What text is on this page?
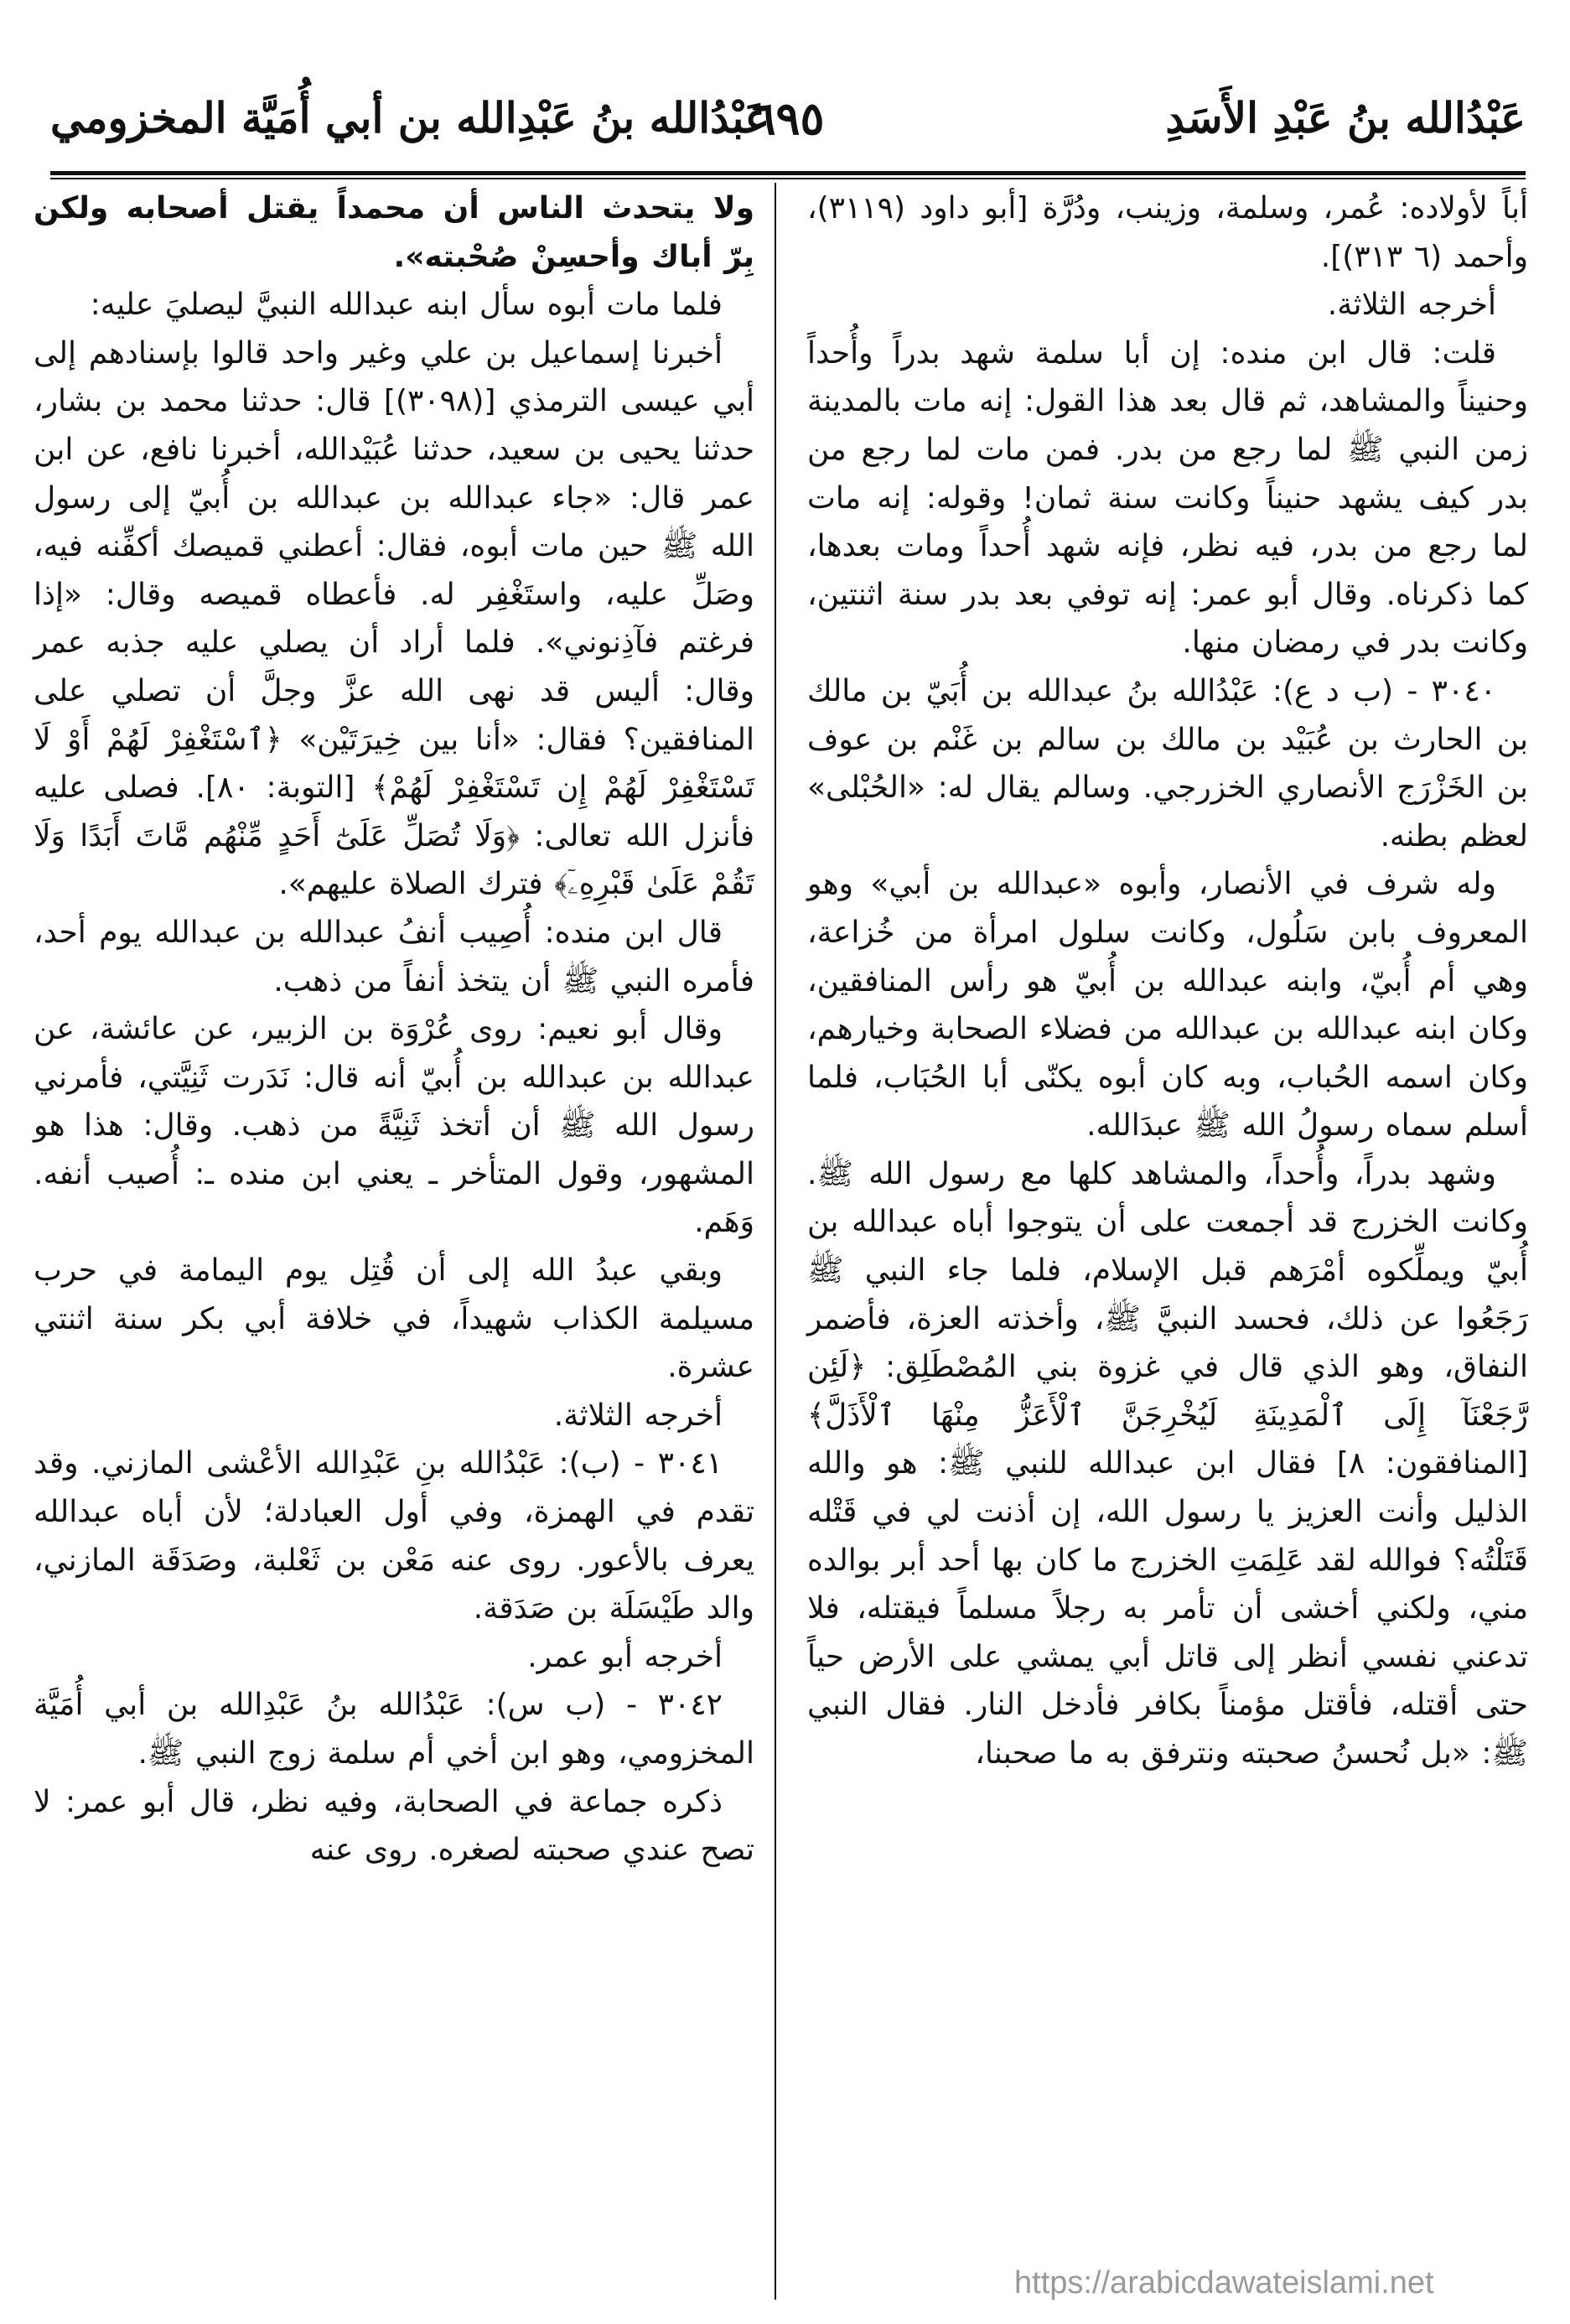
عَبْدُالله بنُ عَبْدِ الأَسَدِ
٦٩٥
عَبْدُالله بنُ عَبْدِالله بن أبي أُمَيَّة المخزومي

أباً لأولاده: عُمر، وسلمة، وزينب، ودُرَّة [أبو داود (٣١١٩)، وأحمد (٦ ٣١٣)].

أخرجه الثلاثة.

قلت: قال ابن منده: إن أبا سلمة شهد بدراً وأُحداً وحنيناً والمشاهد، ثم قال بعد هذا القول: إنه مات بالمدينة زمن النبي ﷺ لما رجع من بدر. فمن مات لما رجع من بدر كيف يشهد حنيناً وكانت سنة ثمان! وقوله: إنه مات لما رجع من بدر، فيه نظر، فإنه شهد أُحداً ومات بعدها، كما ذكرناه. وقال أبو عمر: إنه توفي بعد بدر سنة اثنتين، وكانت بدر في رمضان منها.

٣٠٤٠ - (ب د ع): عَبْدُالله بنُ عبدالله بن أُبَيّ بن مالك بن الحارث بن عُبَيْد بن مالك بن سالم بن غَنْم بن عوف بن الخَزْرَج الأنصاري الخزرجي. وسالم يقال له: «الحُبْلى» لعظم بطنه.

وله شرف في الأنصار، وأبوه «عبدالله بن أبي» وهو المعروف بابن سَلُول، وكانت سلول امرأة من خُزاعة، وهي أم أُبيّ، وابنه عبدالله بن أُبيّ هو رأس المنافقين، وكان ابنه عبدالله بن عبدالله من فضلاء الصحابة وخيارهم، وكان اسمه الحُباب، وبه كان أبوه يكنّى أبا الحُبَاب، فلما أسلم سماه رسولُ الله ﷺ عبدَالله.

وشهد بدراً، وأُحداً، والمشاهد كلها مع رسول الله ﷺ. وكانت الخزرج قد أجمعت على أن يتوجوا أباه عبدالله بن أُبيّ ويملِّكوه أمْرَهم قبل الإسلام، فلما جاء النبي ﷺ رَجَعُوا عن ذلك، فحسد النبيَّ ﷺ، وأخذته العزة، فأضمر النفاق، وهو الذي قال في غزوة بني المُصْطَلِق: ﴿لَئِن رَّجَعْنَآ إِلَى ٱلْمَدِينَةِ لَيُخْرِجَنَّ ٱلْأَعَزُّ مِنْهَا ٱلْأَذَلَّ﴾ [المنافقون: ٨] فقال ابن عبدالله للنبي ﷺ: هو والله الذليل وأنت العزيز يا رسول الله، إن أذنت لي في قَتْله قَتَلْتُه؟ فوالله لقد عَلِمَتِ الخزرج ما كان بها أحد أبر بوالده مني، ولكني أخشى أن تأمر به رجلاً مسلماً فيقتله، فلا تدعني نفسي أنظر إلى قاتل أبي يمشي على الأرض حياً حتى أقتله، فأقتل مؤمناً بكافر فأدخل النار. فقال النبي ﷺ: «بل نُحسنُ صحبته ونترفق به ما صحبنا،

ولا يتحدث الناس أن محمداً يقتل أصحابه ولكن بِرّ أباك وأحسِنْ صُحْبته».

فلما مات أبوه سأل ابنه عبدالله النبيَّ ليصليَ عليه:

أخبرنا إسماعيل بن علي وغير واحد قالوا بإسنادهم إلى أبي عيسى الترمذي [(٣٠٩٨)] قال: حدثنا محمد بن بشار، حدثنا يحيى بن سعيد، حدثنا عُبَيْدالله، أخبرنا نافع، عن ابن عمر قال: «جاء عبدالله بن عبدالله بن أُبيّ إلى رسول الله ﷺ حين مات أبوه، فقال: أعطني قميصك أكفِّنه فيه، وصَلِّ عليه، واستَغْفِر له. فأعطاه قميصه وقال: «إذا فرغتم فآذِنوني». فلما أراد أن يصلي عليه جذبه عمر وقال: أليس قد نهى الله عزَّ وجلَّ أن تصلي على المنافقين؟ فقال: «أنا بين خِيرَتَيْن» ﴿ٱسْتَغْفِرْ لَهُمْ أَوْ لَا تَسْتَغْفِرْ لَهُمْ إِن تَسْتَغْفِرْ لَهُمْ﴾ [التوبة: ٨٠]. فصلى عليه فأنزل الله تعالى: ﴿وَلَا تُصَلِّ عَلَىٰٓ أَحَدٍ مِّنْهُم مَّاتَ أَبَدًا وَلَا تَقُمْ عَلَىٰ قَبْرِهِۦٓ﴾ فترك الصلاة عليهم».

قال ابن منده: أُصِيب أنفُ عبدالله بن عبدالله يوم أحد، فأمره النبي ﷺ أن يتخذ أنفاً من ذهب.

وقال أبو نعيم: روى عُرْوَة بن الزبير، عن عائشة، عن عبدالله بن عبدالله بن أُبيّ أنه قال: نَدَرت ثَنِيَّتي، فأمرني رسول الله ﷺ أن أتخذ ثَنِيَّةً من ذهب. وقال: هذا هو المشهور، وقول المتأخر ـ يعني ابن منده ـ: أُصيب أنفه. وَهَم.

وبقي عبدُ الله إلى أن قُتِل يوم اليمامة في حرب مسيلمة الكذاب شهيداً، في خلافة أبي بكر سنة اثنتي عشرة.

أخرجه الثلاثة.

٣٠٤١ - (ب): عَبْدُالله بنِ عَبْدِالله الأعْشى المازني. وقد تقدم في الهمزة، وفي أول العبادلة؛ لأن أباه عبدالله يعرف بالأعور. روى عنه مَعْن بن ثَعْلبة، وصَدَقَة المازني، والد طَيْسَلَة بن صَدَقة.

أخرجه أبو عمر.

٣٠٤٢ - (ب س): عَبْدُالله بنُ عَبْدِالله بن أبي أُمَيَّة المخزومي، وهو ابن أخي أم سلمة زوج النبي ﷺ.

ذكره جماعة في الصحابة، وفيه نظر، قال أبو عمر: لا تصح عندي صحبته لصغره. روى عنه

https://arabicdawateislami.net
